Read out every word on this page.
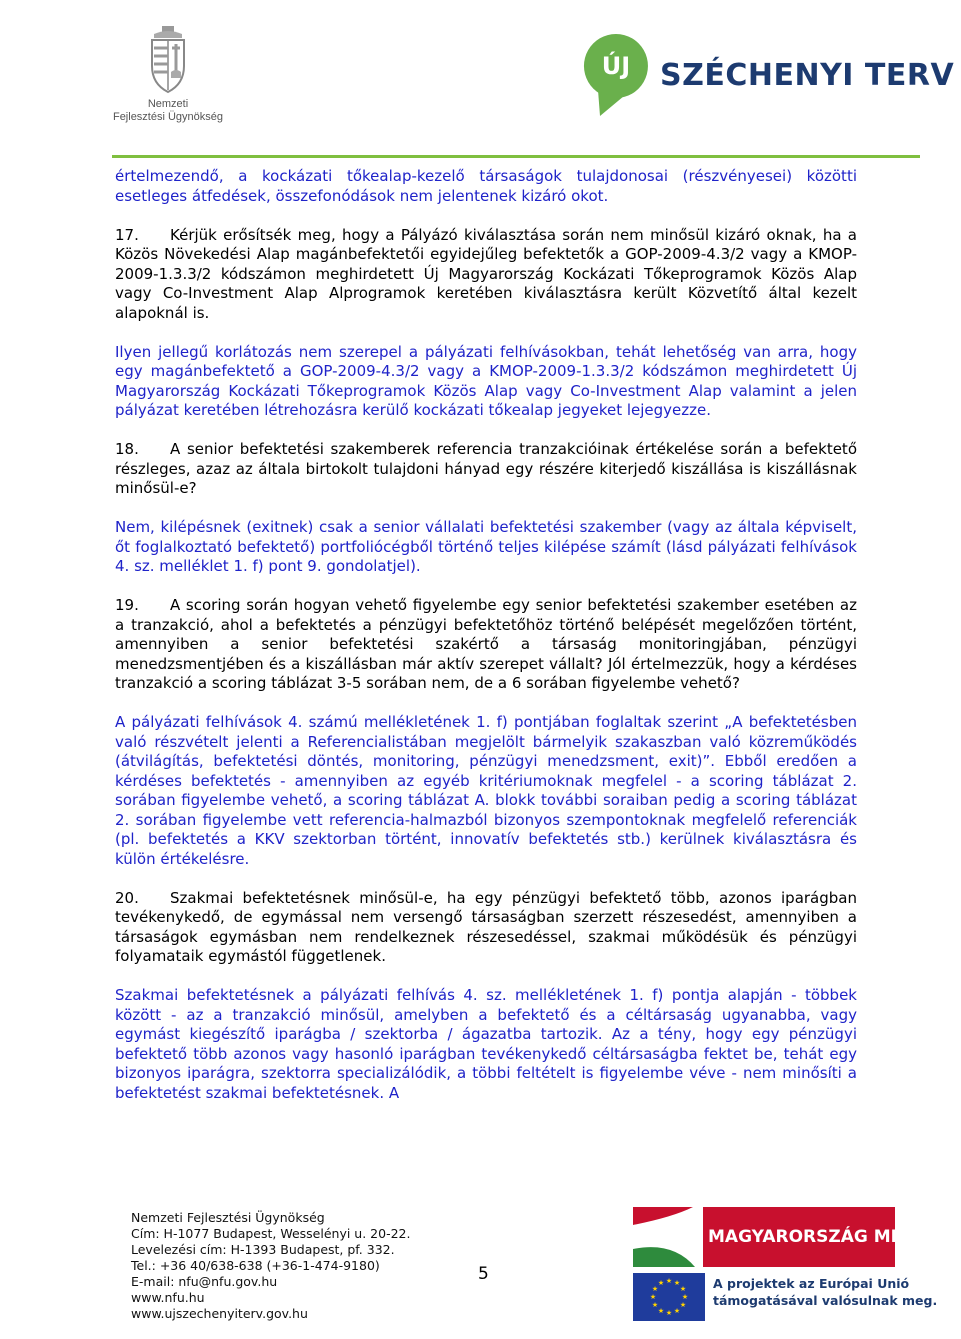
Nemzeti
Fejlesztési Ügynökség
ÚJ SZÉCHENYI TERV

értelmezendő, a kockázati tőkealap-kezelő társaságok tulajdonosai (részvényesei) közötti esetleges átfedések, összefonódások nem jelentenek kizáró okot.

17. Kérjük erősítsék meg, hogy a Pályázó kiválasztása során nem minősül kizáró oknak, ha a Közös Növekedési Alap magánbefektetői egyidejűleg befektetők a GOP-2009-4.3/2 vagy a KMOP-2009-1.3.3/2 kódszámon meghirdetett Új Magyarország Kockázati Tőkeprogramok Közös Alap vagy Co-Investment Alap Alprogramok keretében kiválasztásra került Közvetítő által kezelt alapoknál is.

Ilyen jellegű korlátozás nem szerepel a pályázati felhívásokban, tehát lehetőség van arra, hogy egy magánbefektető a GOP-2009-4.3/2 vagy a KMOP-2009-1.3.3/2 kódszámon meghirdetett Új Magyarország Kockázati Tőkeprogramok Közös Alap vagy Co-Investment Alap valamint a jelen pályázat keretében létrehozásra kerülő kockázati tőkealap jegyeket lejegyezze.

18. A senior befektetési szakemberek referencia tranzakcióinak értékelése során a befektető részleges, azaz az általa birtokolt tulajdoni hányad egy részére kiterjedő kiszállása is kiszállásnak minősül-e?

Nem, kilépésnek (exitnek) csak a senior vállalati befektetési szakember (vagy az általa képviselt, őt foglalkoztató befektető) portfoliócégből történő teljes kilépése számít (lásd pályázati felhívások 4. sz. melléklet 1. f) pont 9. gondolatjel).

19. A scoring során hogyan vehető figyelembe egy senior befektetési szakember esetében az a tranzakció, ahol a befektetés a pénzügyi befektetőhöz történő belépését megelőzően történt, amennyiben a senior befektetési szakértő a társaság monitoringjában, pénzügyi menedzsmentjében és a kiszállásban már aktív szerepet vállalt? Jól értelmezzük, hogy a kérdéses tranzakció a scoring táblázat 3-5 sorában nem, de a 6 sorában figyelembe vehető?

A pályázati felhívások 4. számú mellékletének 1. f) pontjában foglaltak szerint „A befektetésben való részvételt jelenti a Referencialistában megjelölt bármelyik szakaszban való közreműködés (átvilágítás, befektetési döntés, monitoring, pénzügyi menedzsment, exit)”. Ebből eredően a kérdéses befektetés - amennyiben az egyéb kritériumoknak megfelel - a scoring táblázat 2. sorában figyelembe vehető, a scoring táblázat A. blokk további soraiban pedig a scoring táblázat 2. sorában figyelembe vett referencia-halmazból bizonyos szempontoknak megfelelő referenciák (pl. befektetés a KKV szektorban történt, innovatív befektetés stb.) kerülnek kiválasztásra és külön értékelésre.

20. Szakmai befektetésnek minősül-e, ha egy pénzügyi befektető több, azonos iparágban tevékenykedő, de egymással nem versengő társaságban szerzett részesedést, amennyiben a társaságok egymásban nem rendelkeznek részesedéssel, szakmai működésük és pénzügyi folyamataik egymástól függetlenek.

Szakmai befektetésnek a pályázati felhívás 4. sz. mellékletének 1. f) pontja alapján - többek között - az a tranzakció minősül, amelyben a befektető és a céltársaság ugyanabba, vagy egymást kiegészítő iparágba / szektorba / ágazatba tartozik. Az a tény, hogy egy pénzügyi befektető több azonos vagy hasonló iparágban tevékenykedő céltársaságba fektet be, tehát egy bizonyos iparágra, szektorra specializálódik, a többi feltételt is figyelembe véve - nem minősíti a befektetést szakmai befektetésnek. A

Nemzeti Fejlesztési Ügynökség
Cím: H-1077 Budapest, Wesselényi u. 20-22.
Levelezési cím: H-1393 Budapest, pf. 332.
Tel.: +36 40/638-638 (+36-1-474-9180)
E-mail: nfu@nfu.gov.hu
www.nfu.hu
www.ujszechenyiterv.gov.hu
5
MAGYARORSZÁG MEGÚJUL
★ ★
★
★
★
★
★
★
★
★
★
★	A projektek az Európai Unió
támogatásával valósulnak meg.
